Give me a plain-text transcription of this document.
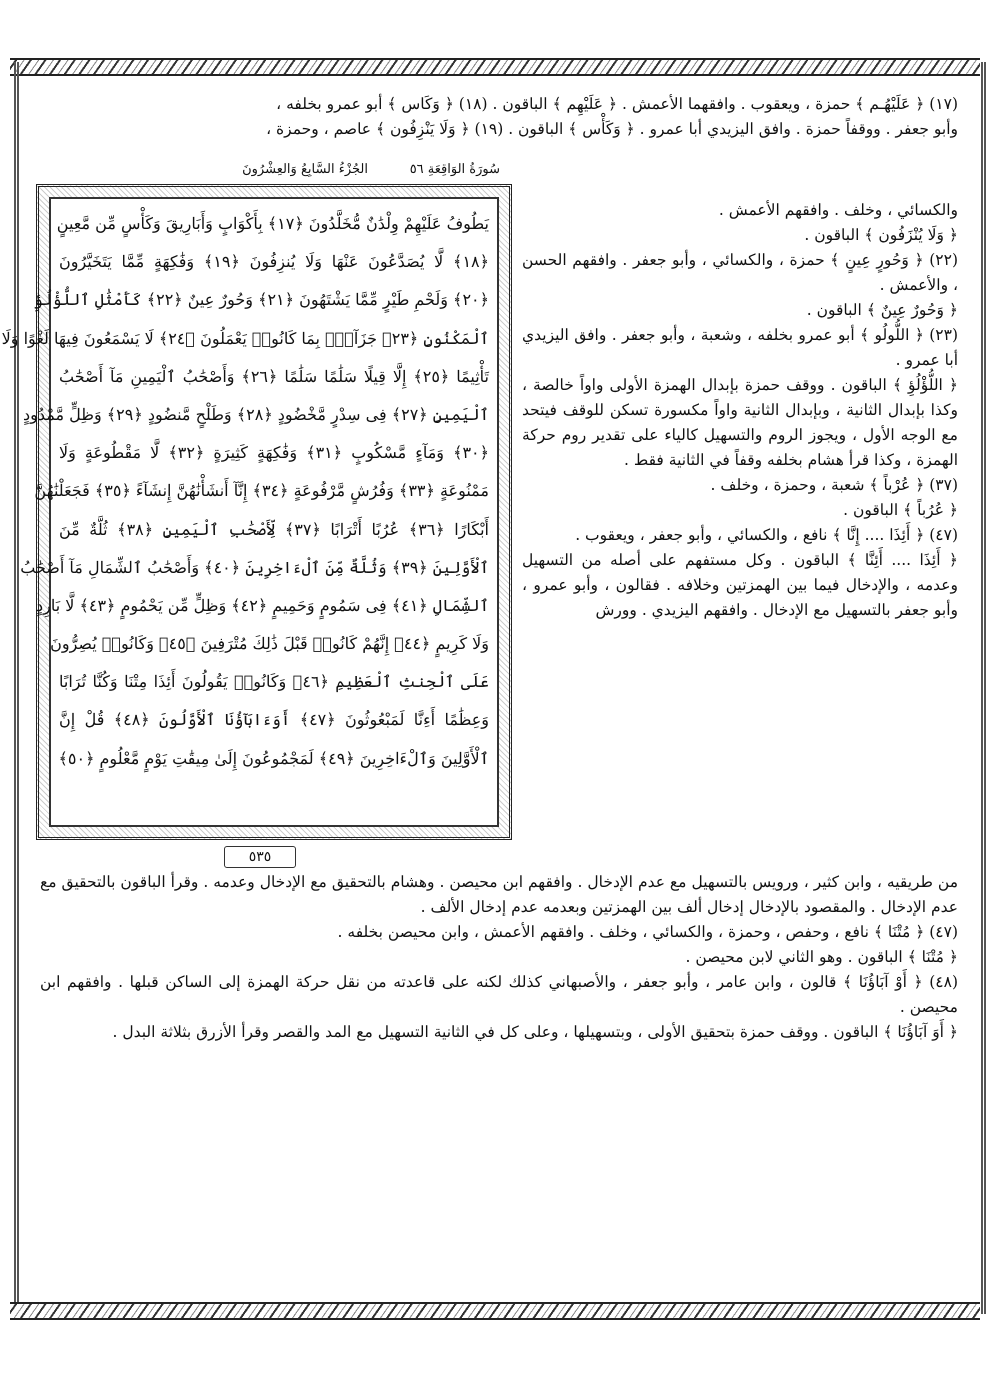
(١٧) ﴿ عَلَيْهُـم ﴾ حمزة ، ويعقوب . وافقهما الأعمش . ﴿ عَلَيْهِم ﴾ الباقون . (١٨) ﴿ وَكَاس ﴾ أبو عمرو بخلفه ،

وأبو جعفر . ووقفاً حمزة . وافق اليزيدي أبا عمرو . ﴿ وَكَأْس ﴾ الباقون . (١٩) ﴿ وَلَا يَنْزِفُون ﴾ عاصم ، وحمزة ،

سُورَةُ الوَاقِعَةِ ٥٦
الجُزْءُ السَّابِعُ وَالعِشْرُونَ
يَطُوفُ عَلَيْهِمْ وِلْدَٰنٌ مُّخَلَّدُونَ ﴿١٧﴾ بِأَكْوَابٍ وَأَبَارِيقَ وَكَأْسٍ مِّن مَّعِينٍ
﴿١٨﴾ لَّا يُصَدَّعُونَ عَنْهَا وَلَا يُنزِفُونَ ﴿١٩﴾ وَفَٰكِهَةٍ مِّمَّا يَتَخَيَّرُونَ
﴿٢٠﴾ وَلَحْمِ طَيْرٍ مِّمَّا يَشْتَهُونَ ﴿٢١﴾ وَحُورٌ عِينٌ ﴿٢٢﴾ كَأَمْثَٰلِ ٱللُّؤْلُؤِ
ٱلْمَكْنُونِ ﴿٢٣﴾ جَزَآءًۢ بِمَا كَانُوا۟ يَعْمَلُونَ ﴿٢٤﴾ لَا يَسْمَعُونَ فِيهَا لَغْوًا وَلَا
تَأْثِيمًا ﴿٢٥﴾ إِلَّا قِيلًا سَلَٰمًا سَلَٰمًا ﴿٢٦﴾ وَأَصْحَٰبُ ٱلْيَمِينِ مَآ أَصْحَٰبُ
ٱلْيَمِينِ ﴿٢٧﴾ فِى سِدْرٍ مَّخْضُودٍ ﴿٢٨﴾ وَطَلْحٍ مَّنضُودٍ ﴿٢٩﴾ وَظِلٍّ مَّمْدُودٍ
﴿٣٠﴾ وَمَآءٍ مَّسْكُوبٍ ﴿٣١﴾ وَفَٰكِهَةٍ كَثِيرَةٍ ﴿٣٢﴾ لَّا مَقْطُوعَةٍ وَلَا
مَمْنُوعَةٍ ﴿٣٣﴾ وَفُرُشٍ مَّرْفُوعَةٍ ﴿٣٤﴾ إِنَّآ أَنشَأْنَٰهُنَّ إِنشَآءً ﴿٣٥﴾ فَجَعَلْنَٰهُنَّ
أَبْكَارًا ﴿٣٦﴾ عُرُبًا أَتْرَابًا ﴿٣٧﴾ لِّأَصْحَٰبِ ٱلْيَمِينِ ﴿٣٨﴾ ثُلَّةٌ مِّنَ
ٱلْأَوَّلِينَ ﴿٣٩﴾ وَثُلَّةٌ مِّنَ ٱلْءَاخِرِينَ ﴿٤٠﴾ وَأَصْحَٰبُ ٱلشِّمَالِ مَآ أَصْحَٰبُ
ٱلشِّمَالِ ﴿٤١﴾ فِى سَمُومٍ وَحَمِيمٍ ﴿٤٢﴾ وَظِلٍّ مِّن يَحْمُومٍ ﴿٤٣﴾ لَّا بَارِدٍ
وَلَا كَرِيمٍ ﴿٤٤﴾ إِنَّهُمْ كَانُوا۟ قَبْلَ ذَٰلِكَ مُتْرَفِينَ ﴿٤٥﴾ وَكَانُوا۟ يُصِرُّونَ
عَلَى ٱلْحِنثِ ٱلْعَظِيمِ ﴿٤٦﴾ وَكَانُوا۟ يَقُولُونَ أَئِذَا مِتْنَا وَكُنَّا تُرَابًا
وَعِظَٰمًا أَءِنَّا لَمَبْعُوثُونَ ﴿٤٧﴾ أَوَءَابَآؤُنَا ٱلْأَوَّلُونَ ﴿٤٨﴾ قُلْ إِنَّ
ٱلْأَوَّلِينَ وَٱلْءَاخِرِينَ ﴿٤٩﴾ لَمَجْمُوعُونَ إِلَىٰ مِيقَٰتِ يَوْمٍ مَّعْلُومٍ ﴿٥٠﴾
٥٣٥

والكسائي ، وخلف . وافقهم الأعمش .

﴿ وَلَا يُنْزَفُون ﴾ الباقون .

(٢٢) ﴿ وَحُورٍ عِينٍ ﴾ حمزة ، والكسائي ، وأبو جعفر . وافقهم الحسن ، والأعمش .

﴿ وَحُورٌ عِينٌ ﴾ الباقون .

(٢٣) ﴿ اللُّولُو ﴾ أبو عمرو بخلفه ، وشعبة ، وأبو جعفر . وافق اليزيدي أبا عمرو .

﴿ اللُّؤْلُؤِ ﴾ الباقون . ووقف حمزة بإبدال الهمزة الأولى واواً خالصة ، وكذا بإبدال الثانية ، وبإبدال الثانية واواً مكسورة تسكن للوقف فيتحد مع الوجه الأول ، ويجوز الروم والتسهيل كالياء على تقدير روم حركة الهمزة ، وكذا قرأ هشام بخلفه وقفاً في الثانية فقط .

(٣٧) ﴿ عُرْباً ﴾ شعبة ، وحمزة ، وخلف .

﴿ عُرُباً ﴾ الباقون .

(٤٧) ﴿ أَئِذَا .... إِنَّا ﴾ نافع ، والكسائي ، وأبو جعفر ، ويعقوب .

﴿ أَئِذَا .... أَئِنَّا ﴾ الباقون . وكل مستفهم على أصله من التسهيل وعدمه ، والإدخال فيما بين الهمزتين وخلافه . فقالون ، وأبو عمرو ، وأبو جعفر بالتسهيل مع الإدخال . وافقهم اليزيدي . وورش

من طريقيه ، وابن كثير ، ورويس بالتسهيل مع عدم الإدخال . وافقهم ابن محيصن . وهشام بالتحقيق مع الإدخال وعدمه . وقرأ الباقون بالتحقيق مع عدم الإدخال . والمقصود بالإدخال إدخال ألف بين الهمزتين وبعدمه عدم إدخال الألف .

(٤٧) ﴿ مُتْنَا ﴾ نافع ، وحفص ، وحمزة ، والكسائي ، وخلف . وافقهم الأعمش ، وابن محيصن بخلفه .

﴿ مُتْنَا ﴾ الباقون . وهو الثاني لابن محيصن .

(٤٨) ﴿ أَوْ آبَاؤُنَا ﴾ قالون ، وابن عامر ، وأبو جعفر ، والأصبهاني كذلك لكنه على قاعدته من نقل حركة الهمزة إلى الساكن قبلها . وافقهم ابن محيصن .

﴿ أَوَ آبَاؤُنَا ﴾ الباقون . ووقف حمزة بتحقيق الأولى ، وبتسهيلها ، وعلى كل في الثانية التسهيل مع المد والقصر وقرأ الأزرق بثلاثة البدل .
